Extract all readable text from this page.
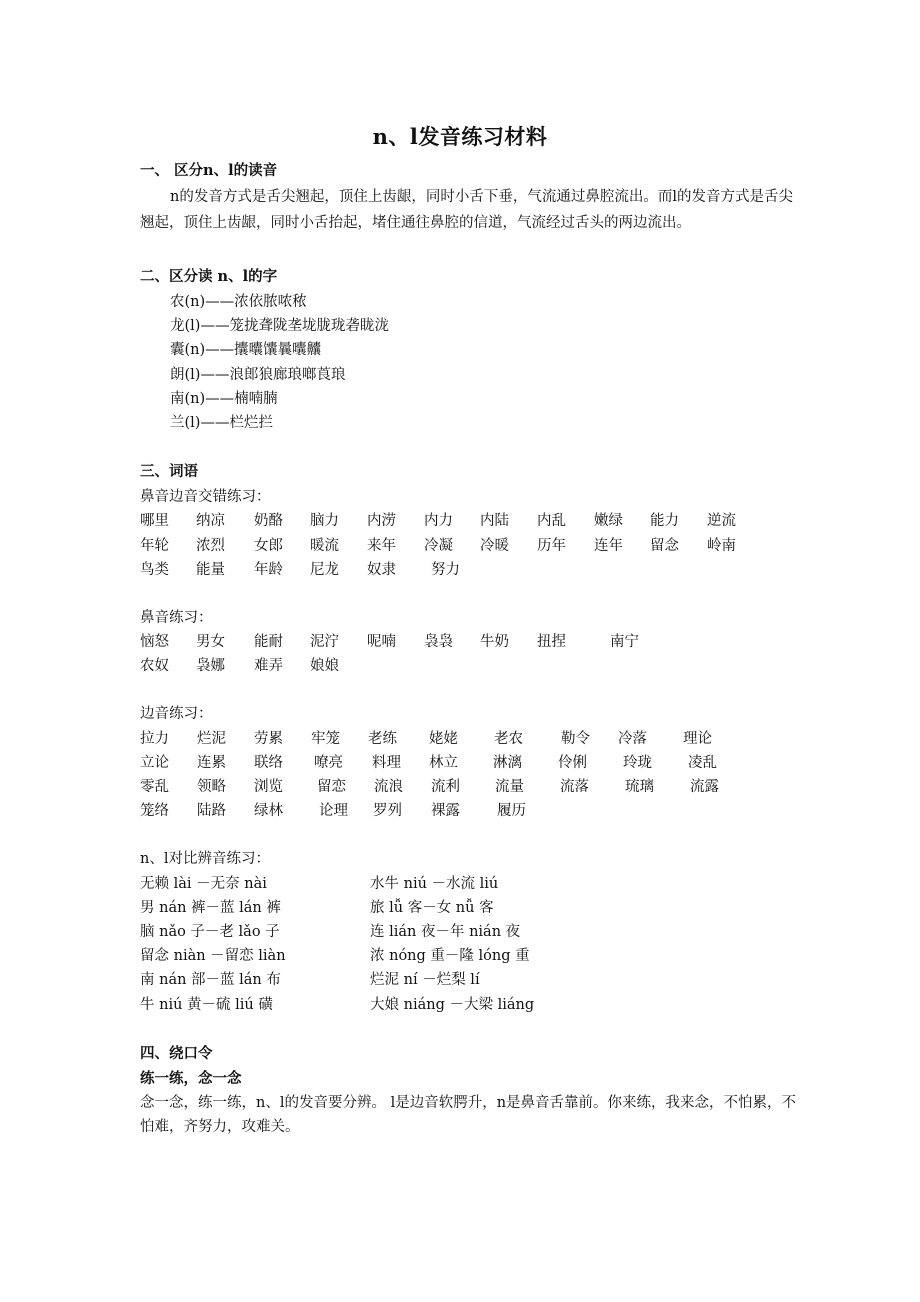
n、l发音练习材料
一、 区分n、l的读音
n的发音方式是舌尖翘起，顶住上齿龈，同时小舌下垂，气流通过鼻腔流出。而l的发音方式是舌尖翘起，顶住上齿龈，同时小舌抬起，堵住通往鼻腔的信道，气流经过舌头的两边流出。
二、区分读 n、l的字
农(n)——浓依脓哝秾
龙(l)——笼拢聋陇垄垅胧珑砻眬泷
囊(n)——攮囔馕曩囔齉
朗(l)——浪郎狼廊琅啷莨琅
南(n)——楠喃腩
兰(l)——栏烂拦
三、词语
鼻音边音交错练习：
哪里 纳凉 奶酪 脑力 内涝 内力 内陆 内乱 嫩绿 能力 逆流
年轮 浓烈 女郎 暖流 来年 冷凝 冷暖 历年 连年 留念 岭南
鸟类 能量 年龄 尼龙 奴隶 努力
鼻音练习：
恼怒 男女 能耐 泥泞 呢喃 袅袅 牛奶 扭捏	南宁
农奴 袅娜 难弄 娘娘
边音练习：
拉力 烂泥 劳累 牢笼 老练 姥姥 老农	勒令 冷落 理论
立论 连累 联络 嘹亮 料理 林立 淋漓 伶俐 玲珑 凌乱
零乱 领略 浏览 留恋 流浪 流利 流量 流落 琉璃 流露
笼络 陆路 绿林 论理 罗列 裸露	履历
n、l对比辨音练习：
无赖 lài －无奈 nài	水牛 niú －水流 liú
男 nán 裤－蓝 lán 裤	旅 lǚ 客－女 nǚ 客
脑 nǎo 子－老 lǎo 子	连 lián 夜－年 nián 夜
留念 niàn －留恋 liàn	浓 nóng 重－隆 lóng 重
南 nán 部－蓝 lán 布	烂泥 ní －烂梨 lí
牛 niú 黄－硫 liú 磺	大娘 niáng －大梁 liáng
四、绕口令
练一练，念一念
念一念，练一练，n、l的发音要分辨。 l是边音软腭升，n是鼻音舌靠前。你来练，我来念，不怕累，不怕难，齐努力，攻难关。
